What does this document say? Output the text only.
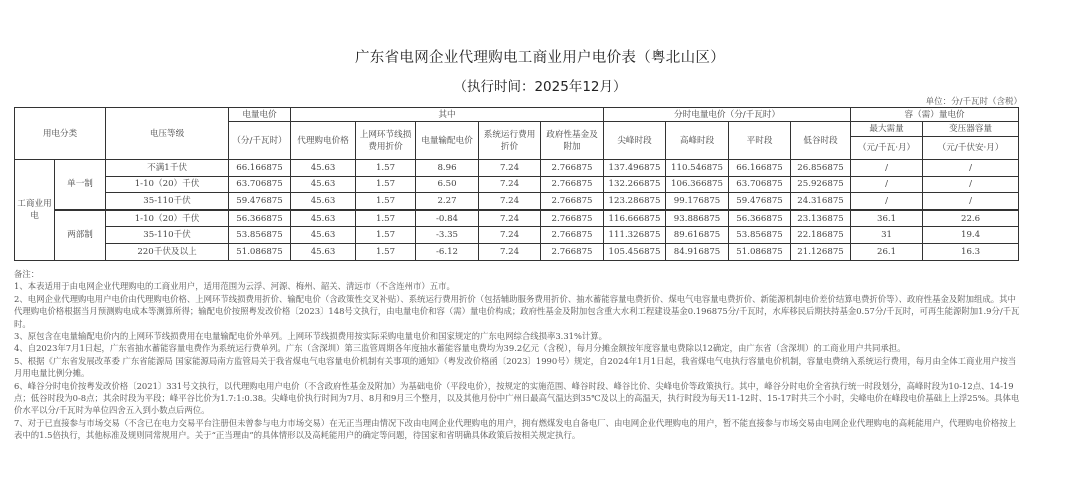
广东省电网企业代理购电工商业用户电价表（粤北山区）
（执行时间：2025年12月）
单位：分/千瓦时（含税）
用电分类		电压等级	电量电价	其中					分时电量电价（分/千瓦时）				容（需）量电价	
			（分/千瓦时）	代理购电价格	上网环节线损费用折价	电量输配电价	系统运行费用折价	政府性基金及附加	尖峰时段	高峰时段	平时段	低谷时段	最大需量	变压器容量
													（元/千瓦·月）	（元/千伏安·月）
工商业用电	单一制	不满1千伏	66.166875	45.63	1.57	8.96	7.24	2.766875	137.496875	110.546875	66.166875	26.856875	/	/
		1-10（20）千伏	63.706875	45.63	1.57	6.50	7.24	2.766875	132.266875	106.366875	63.706875	25.926875	/	/
		35-110千伏	59.476875	45.63	1.57	2.27	7.24	2.766875	123.286875	99.176875	59.476875	24.316875	/	/
	两部制	1-10（20）千伏	56.366875	45.63	1.57	-0.84	7.24	2.766875	116.666875	93.886875	56.366875	23.136875	36.1	22.6
		35-110千伏	53.856875	45.63	1.57	-3.35	7.24	2.766875	111.326875	89.616875	53.856875	22.186875	31	19.4
		220千伏及以上	51.086875	45.63	1.57	-6.12	7.24	2.766875	105.456875	84.916875	51.086875	21.126875	26.1	16.3

备注：

1、本表适用于由电网企业代理购电的工商业用户，适用范围为云浮、河源、梅州、韶关、清远市（不含连州市）五市。

2、电网企业代理购电用户电价由代理购电价格、上网环节线损费用折价、输配电价（含政策性交叉补贴）、系统运行费用折价（包括辅助服务费用折价、抽水蓄能容量电费折价、煤电气电容量电费折价、新能源机制电价差价结算电费折价等）、政府性基金及附加组成。其中代理购电价格根据当月预测购电成本等测算所得；输配电价按照粤发改价格〔2023〕148号文执行，由电量电价和容（需）量电价构成；政府性基金及附加包含重大水利工程建设基金0.196875分/千瓦时，水库移民后期扶持基金0.57分/千瓦时，可再生能源附加1.9分/千瓦时。

3、原包含在电量输配电价内的上网环节线损费用在电量输配电价外单列。上网环节线损费用按实际采购电量电价和国家规定的广东电网综合线损率3.31%计算。

4、自2023年7月1日起，广东省抽水蓄能容量电费作为系统运行费单列。广东（含深圳）第三监管周期各年度抽水蓄能容量电费均为39.2亿元（含税），每月分摊金额按年度容量电费除以12确定，由广东省（含深圳）的工商业用户共同承担。

5、根据《广东省发展改革委 广东省能源局 国家能源局南方监管局关于我省煤电气电容量电价机制有关事项的通知》（粤发改价格函〔2023〕1990号）规定，自2024年1月1日起，我省煤电气电执行容量电价机制，容量电费纳入系统运行费用，每月由全体工商业用户按当月用电量比例分摊。

6、峰谷分时电价按粤发改价格〔2021〕331号文执行，以代理购电用户电价（不含政府性基金及附加）为基础电价（平段电价），按规定的实施范围、峰谷时段、峰谷比价、尖峰电价等政策执行。其中，峰谷分时电价全省执行统一时段划分，高峰时段为10-12点、14-19点；低谷时段为0-8点；其余时段为平段；峰平谷比价为1.7:1:0.38。尖峰电价执行时间为7月、8月和9月三个整月，以及其他月份中广州日最高气温达到35℃及以上的高温天，执行时段为每天11-12时、15-17时共三个小时，尖峰电价在峰段电价基础上上浮25%。具体电价水平以分/千瓦时为单位四舍五入到小数点后两位。

7、对于已直接参与市场交易（不含已在电力交易平台注册但未曾参与电力市场交易）在无正当理由情况下改由电网企业代理购电的用户，拥有燃煤发电自备电厂、由电网企业代理购电的用户，暂不能直接参与市场交易由电网企业代理购电的高耗能用户，代理购电价格按上表中的1.5倍执行，其他标准及规则同常规用户。关于“正当理由”的具体情形以及高耗能用户的确定等问题，待国家和省明确具体政策后按相关规定执行。
